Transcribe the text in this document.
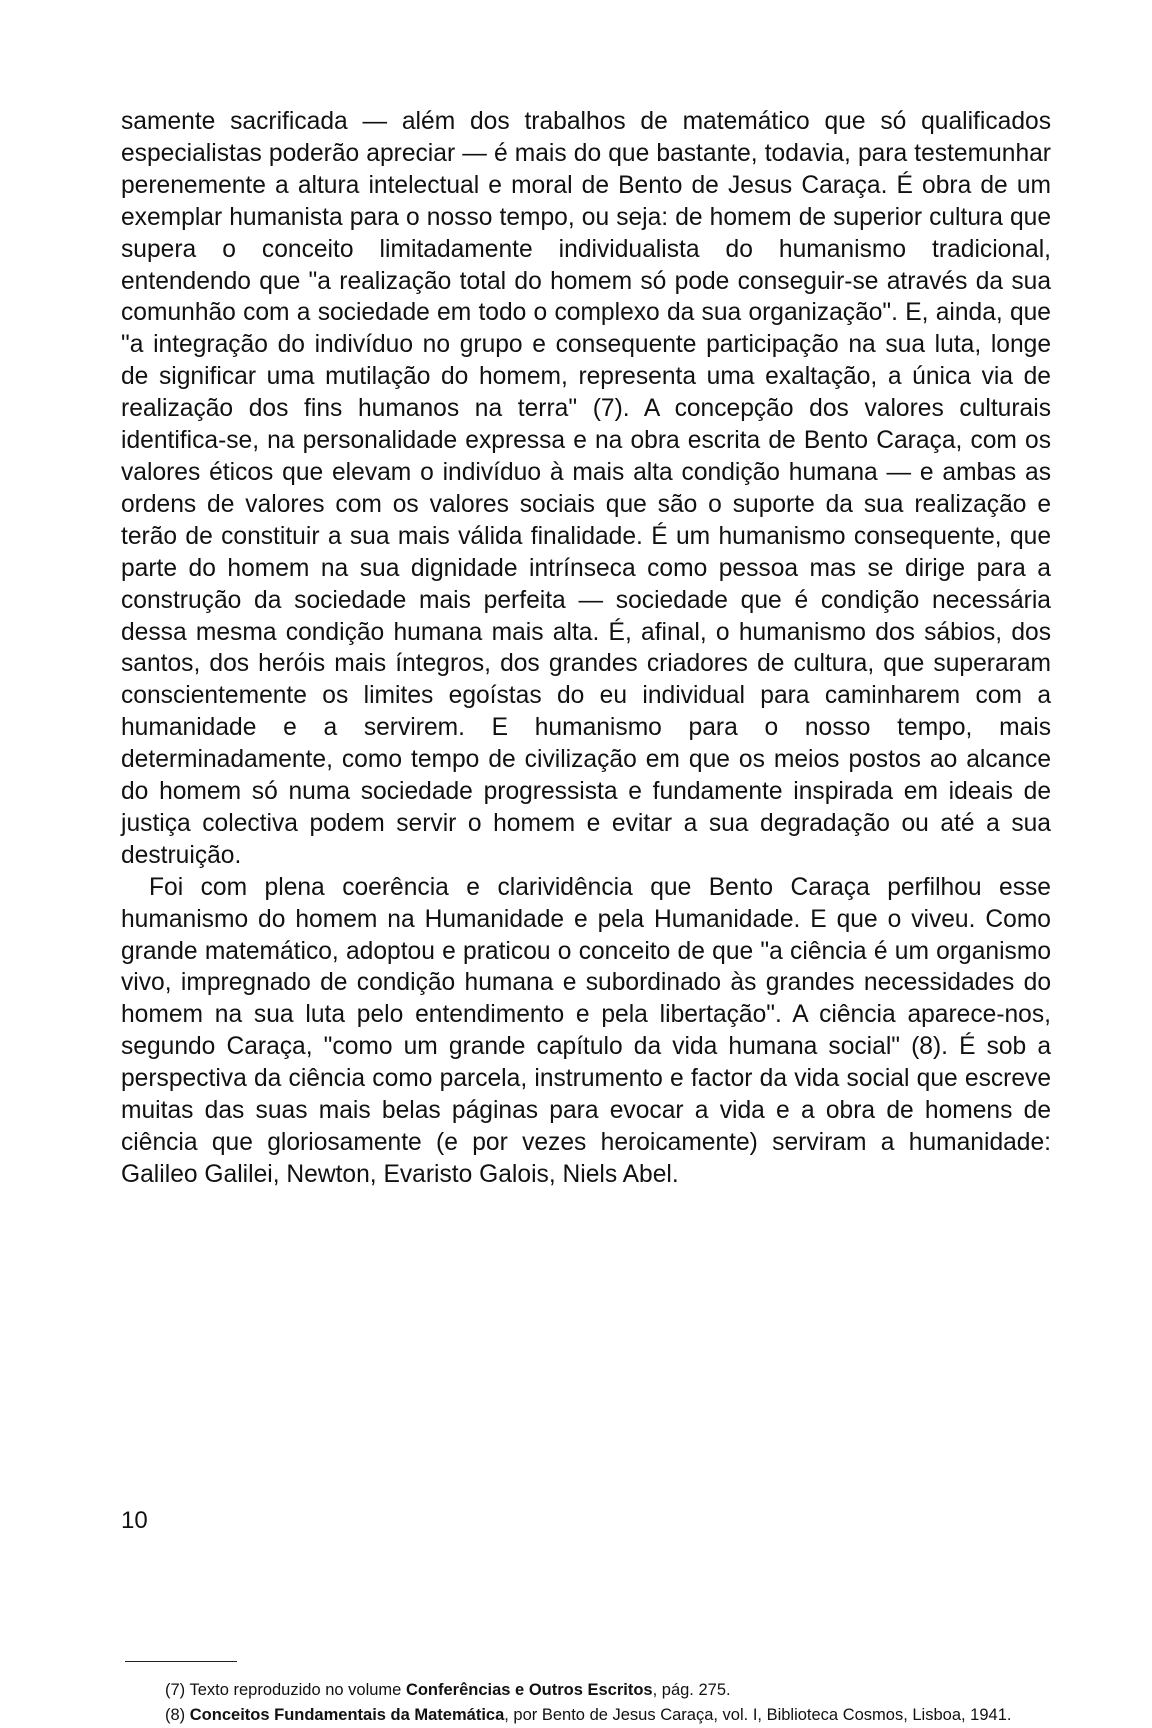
samente sacrificada — além dos trabalhos de matemático que só qualificados especialistas poderão apreciar — é mais do que bastante, todavia, para testemunhar perenemente a altura intelectual e moral de Bento de Jesus Caraça. É obra de um exemplar humanista para o nosso tempo, ou seja: de homem de superior cultura que supera o conceito limitadamente individualista do humanismo tradicional, entendendo que "a realização total do homem só pode conseguir-se através da sua comunhão com a sociedade em todo o complexo da sua organização". E, ainda, que "a integração do indivíduo no grupo e consequente participação na sua luta, longe de significar uma mutilação do homem, representa uma exaltação, a única via de realização dos fins humanos na terra" (7). A concepção dos valores culturais identifica-se, na personalidade expressa e na obra escrita de Bento Caraça, com os valores éticos que elevam o indivíduo à mais alta condição humana — e ambas as ordens de valores com os valores sociais que são o suporte da sua realização e terão de constituir a sua mais válida finalidade. É um humanismo consequente, que parte do homem na sua dignidade intrínseca como pessoa mas se dirige para a construção da sociedade mais perfeita — sociedade que é condição necessária dessa mesma condição humana mais alta. É, afinal, o humanismo dos sábios, dos santos, dos heróis mais íntegros, dos grandes criadores de cultura, que superaram conscientemente os limites egoístas do eu individual para caminharem com a humanidade e a servirem. E humanismo para o nosso tempo, mais determinadamente, como tempo de civilização em que os meios postos ao alcance do homem só numa sociedade progressista e fundamente inspirada em ideais de justiça colectiva podem servir o homem e evitar a sua degradação ou até a sua destruição.

Foi com plena coerência e clarividência que Bento Caraça perfilhou esse humanismo do homem na Humanidade e pela Humanidade. E que o viveu. Como grande matemático, adoptou e praticou o conceito de que "a ciência é um organismo vivo, impregnado de condição humana e subordinado às grandes necessidades do homem na sua luta pelo entendimento e pela libertação". A ciência aparece-nos, segundo Caraça, "como um grande capítulo da vida humana social" (8). É sob a perspectiva da ciência como parcela, instrumento e factor da vida social que escreve muitas das suas mais belas páginas para evocar a vida e a obra de homens de ciência que gloriosamente (e por vezes heroicamente) serviram a humanidade: Galileo Galilei, Newton, Evaristo Galois, Niels Abel.

(7) Texto reproduzido no volume Conferências e Outros Escritos, pág. 275.

(8) Conceitos Fundamentais da Matemática, por Bento de Jesus Caraça, vol. I, Biblioteca Cosmos, Lisboa, 1941.

10
